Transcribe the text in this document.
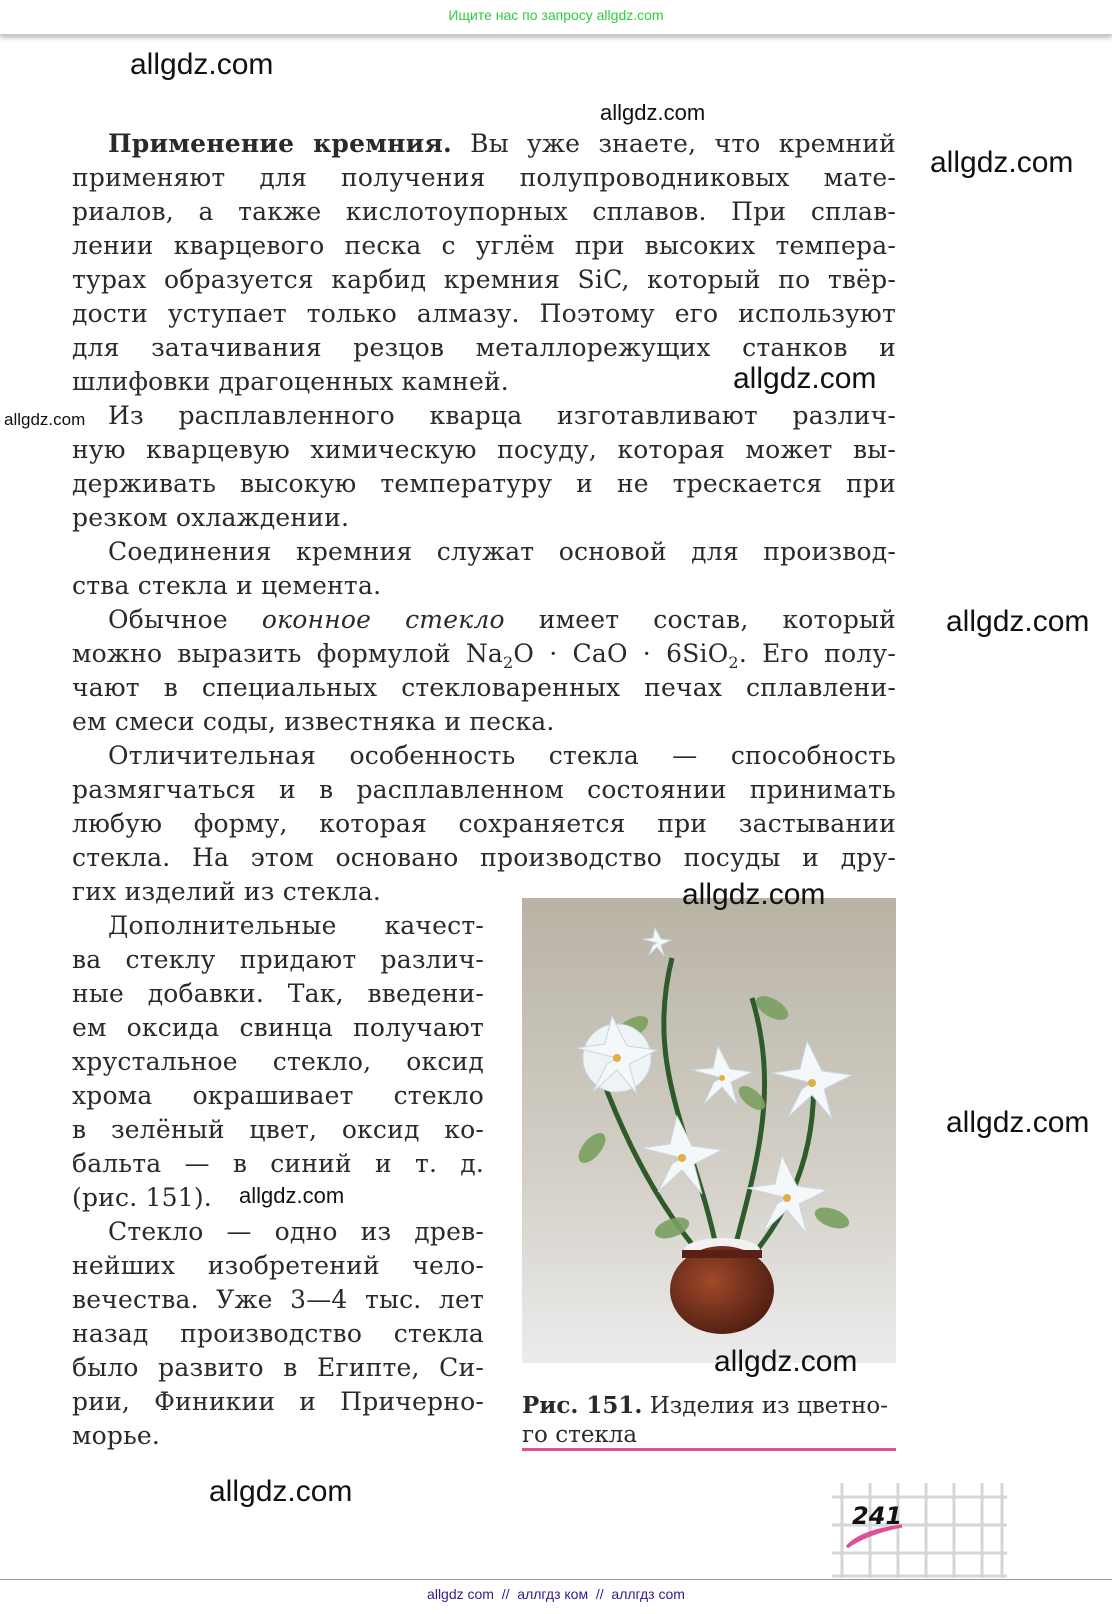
Ищите нас по запросу allgdz.com
Применение кремния. Вы уже знаете, что кремний
применяют для получения полупроводниковых мате-
риалов, а также кислотоупорных сплавов. При сплав-
лении кварцевого песка с углём при высоких темпера-
турах образуется карбид кремния SiC, который по твёр-
дости уступает только алмазу. Поэтому его используют
для затачивания резцов металлорежущих станков и
шлифовки драгоценных камней.
Из расплавленного кварца изготавливают различ-
ную кварцевую химическую посуду, которая может вы-
держивать высокую температуру и не трескается при
резком охлаждении.
Соединения кремния служат основой для производ-
ства стекла и цемента.
Обычное оконное стекло имеет состав, который
можно выразить формулой $Na_2O$ · CaO · 6SiO$_2$. Его полу-
чают в специальных стекловаренных печах сплавлени-
ем смеси соды, известняка и песка.
Отличительная особенность стекла — способность
размягчаться и в расплавленном состоянии принимать
любую форму, которая сохраняется при застывании
стекла. На этом основано производство посуды и дру-
гих изделий из стекла.
Дополнительные качест-
ва стеклу придают различ-
ные добавки. Так, введени-
ем оксида свинца получают
хрустальное стекло, оксид
хрома окрашивает стекло
в зелёный цвет, оксид ко-
бальта — в синий и т. д.
(рис. 151).
Стекло — одно из древ-
нейших изобретений чело-
вечества. Уже 3—4 тыс. лет
назад производство стекла
было развито в Египте, Си-
рии, Финикии и Причерно-
морье.
Рис. 151. Изделия из цветно-
го стекла
241
allgdz.com
allgdz.com
allgdz.com
allgdz.com
allgdz.com
allgdz.com
allgdz.com
allgdz.com
allgdz.com
allgdz.com
allgdz.com
allgdz com  //  аллгдз ком  //  аллгдз com
